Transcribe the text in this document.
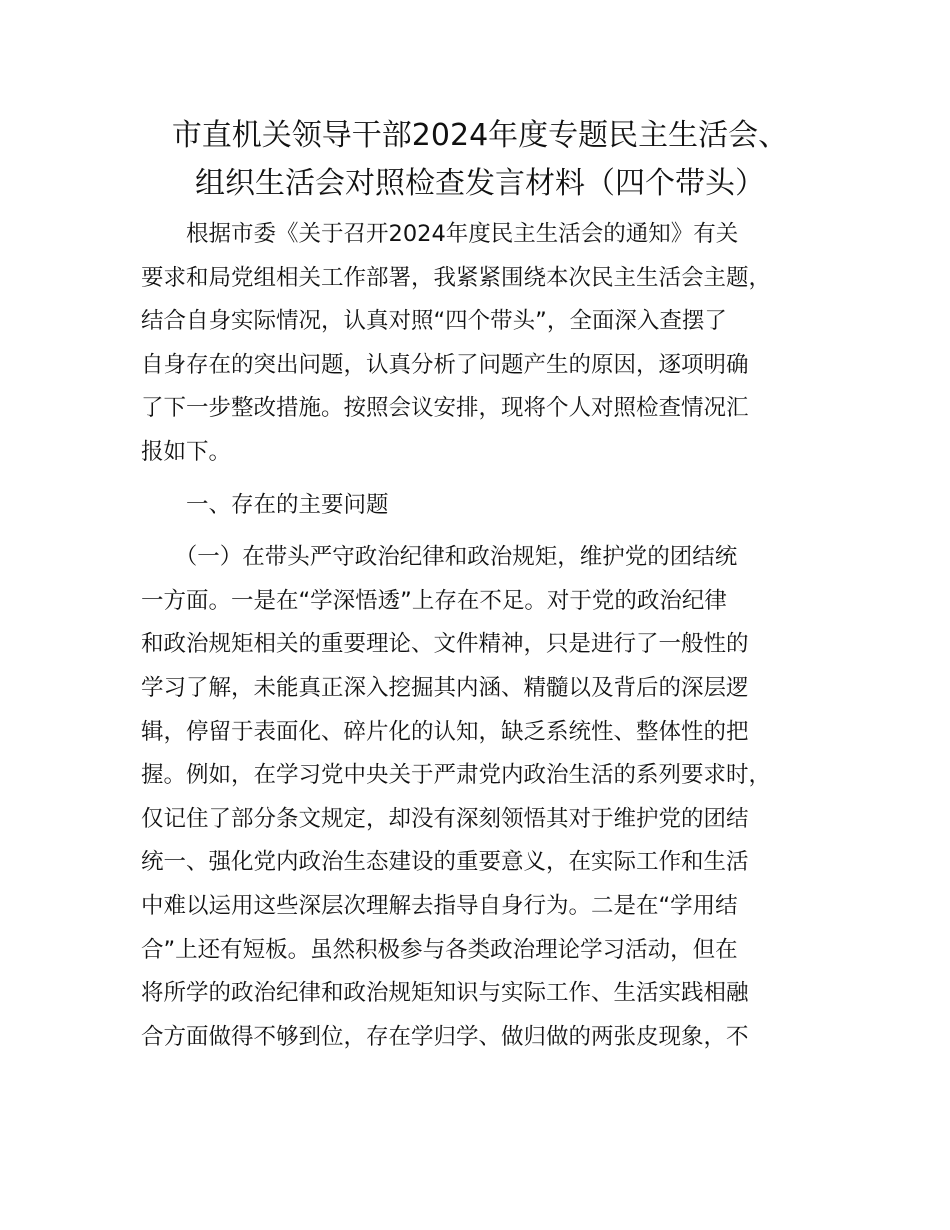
市直机关领导干部2024年度专题民主生活会、
组织生活会对照检查发言材料（四个带头）

　　根据市委《关于召开2024年度民主生活会的通知》有关
要求和局党组相关工作部署，我紧紧围绕本次民主生活会主题，
结合自身实际情况，认真对照“四个带头”，全面深入查摆了
自身存在的突出问题，认真分析了问题产生的原因，逐项明确
了下一步整改措施。按照会议安排，现将个人对照检查情况汇
报如下。

　　一、存在的主要问题

　　（一）在带头严守政治纪律和政治规矩，维护党的团结统
一方面。一是在“学深悟透”上存在不足。对于党的政治纪律
和政治规矩相关的重要理论、文件精神，只是进行了一般性的
学习了解，未能真正深入挖掘其内涵、精髓以及背后的深层逻
辑，停留于表面化、碎片化的认知，缺乏系统性、整体性的把
握。例如，在学习党中央关于严肃党内政治生活的系列要求时，
仅记住了部分条文规定，却没有深刻领悟其对于维护党的团结
统一、强化党内政治生态建设的重要意义，在实际工作和生活
中难以运用这些深层次理解去指导自身行为。二是在“学用结
合”上还有短板。虽然积极参与各类政治理论学习活动，但在
将所学的政治纪律和政治规矩知识与实际工作、生活实践相融
合方面做得不够到位，存在学归学、做归做的两张皮现象，不
